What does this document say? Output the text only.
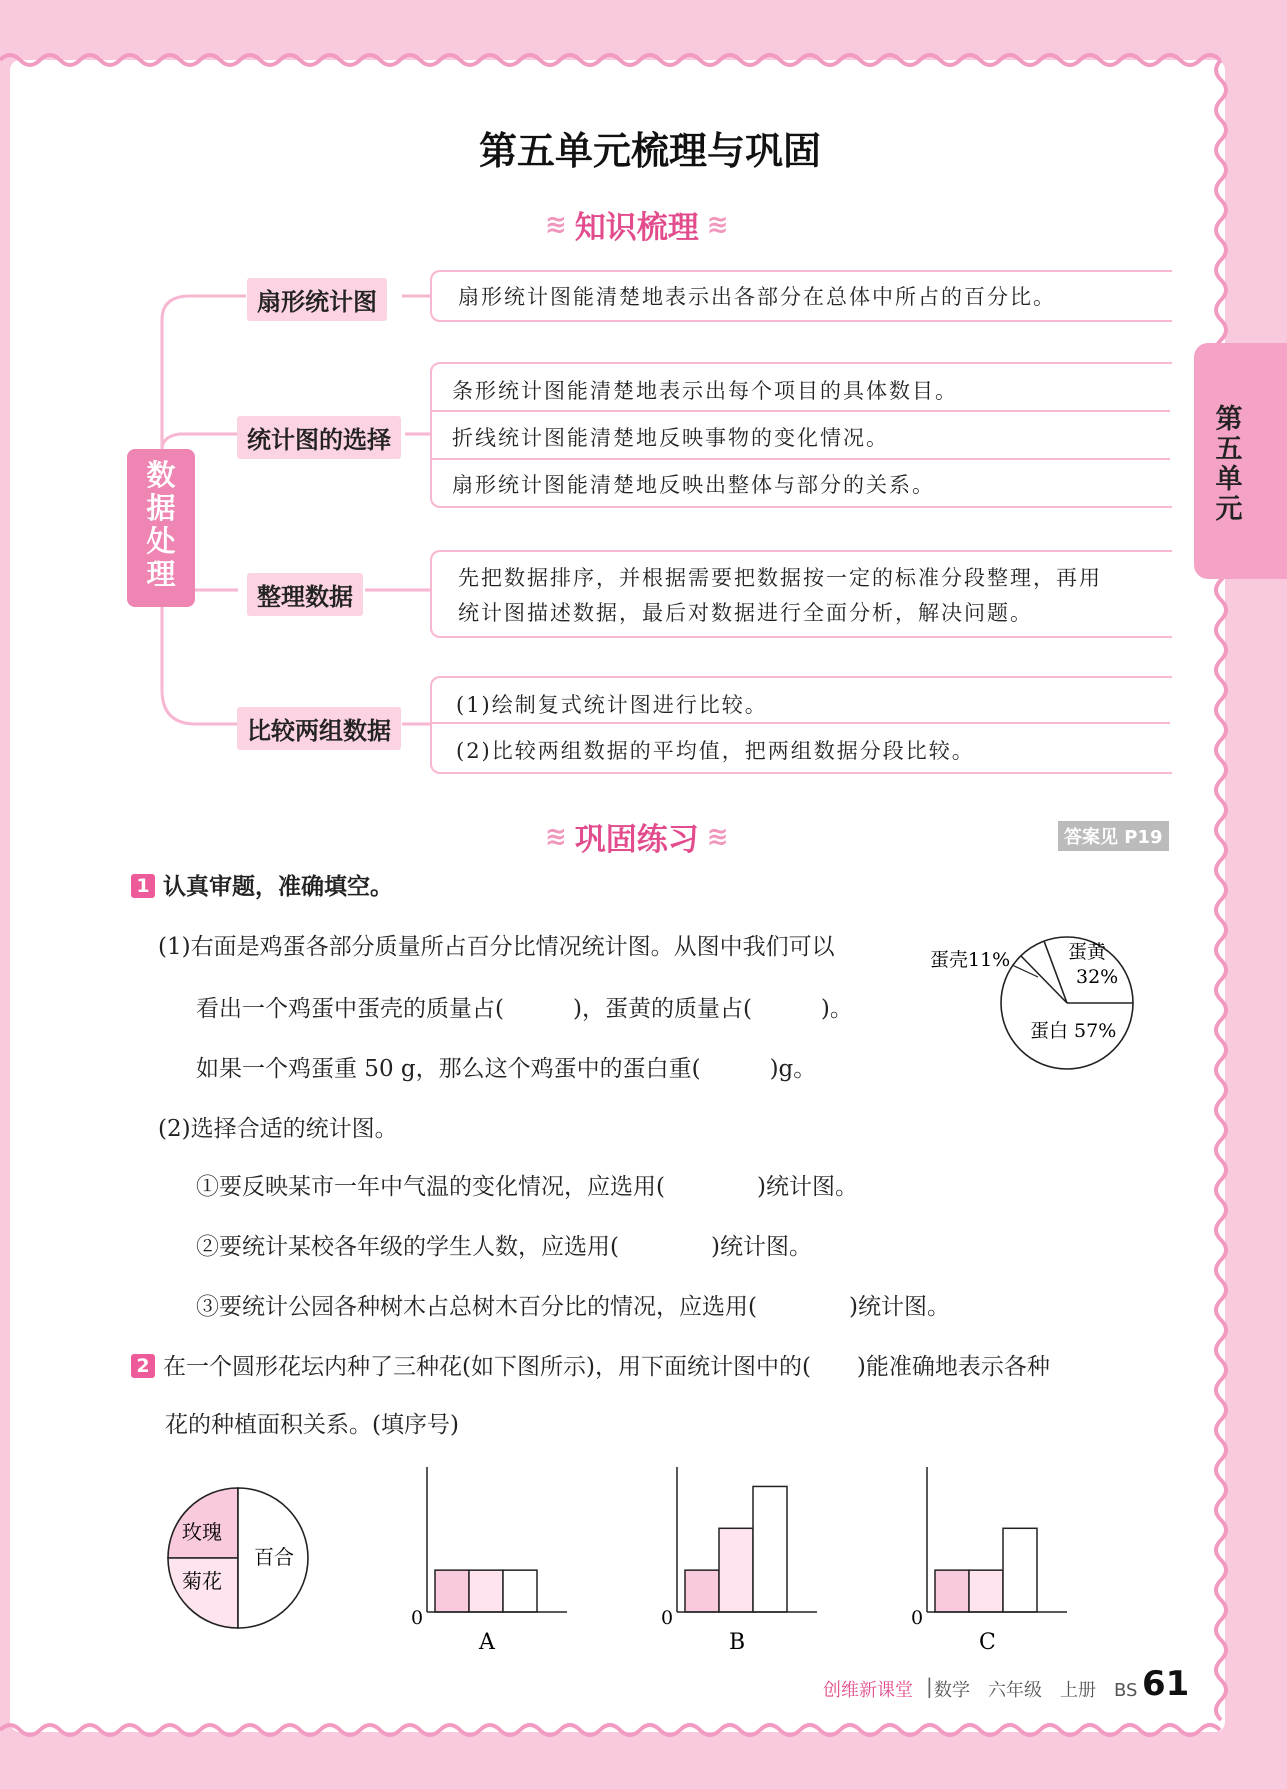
第五单元梳理与巩固
第五单元
≋ 知识梳理 ≋
数据处理
扇形统计图	扇形统计图能清楚地表示出各部分在总体中所占的百分比。
统计图的选择
条形统计图能清楚地表示出每个项目的具体数目。
折线统计图能清楚地反映事物的变化情况。
扇形统计图能清楚地反映出整体与部分的关系。
整理数据
先把数据排序，并根据需要把数据按一定的标准分段整理，再用
统计图描述数据，最后对数据进行全面分析，解决问题。
比较两组数据
(1)绘制复式统计图进行比较。
(2)比较两组数据的平均值，把两组数据分段比较。
≋ 巩固练习 ≋	答案见 P19
1 认真审题，准确填空。
(1)右面是鸡蛋各部分质量所占百分比情况统计图。从图中我们可以
看出一个鸡蛋中蛋壳的质量占(　　　)，蛋黄的质量占(　　　)。
如果一个鸡蛋重 50 g，那么这个鸡蛋中的蛋白重(　　　)g。
(2)选择合适的统计图。
①要反映某市一年中气温的变化情况，应选用(　　　　)统计图。
②要统计某校各年级的学生人数，应选用(　　　　)统计图。
③要统计公园各种树木占总树木百分比的情况，应选用(　　　　)统计图。
蛋壳11%	蛋黄
32%
蛋白 57%
2 在一个圆形花坛内种了三种花(如下图所示)，用下面统计图中的(　　)能准确地表示各种
花的种植面积关系。(填序号)
玫瑰
菊花
百合
0
A
0
B
0
C
创维新课堂 | 数学　六年级　上册　BS 61
